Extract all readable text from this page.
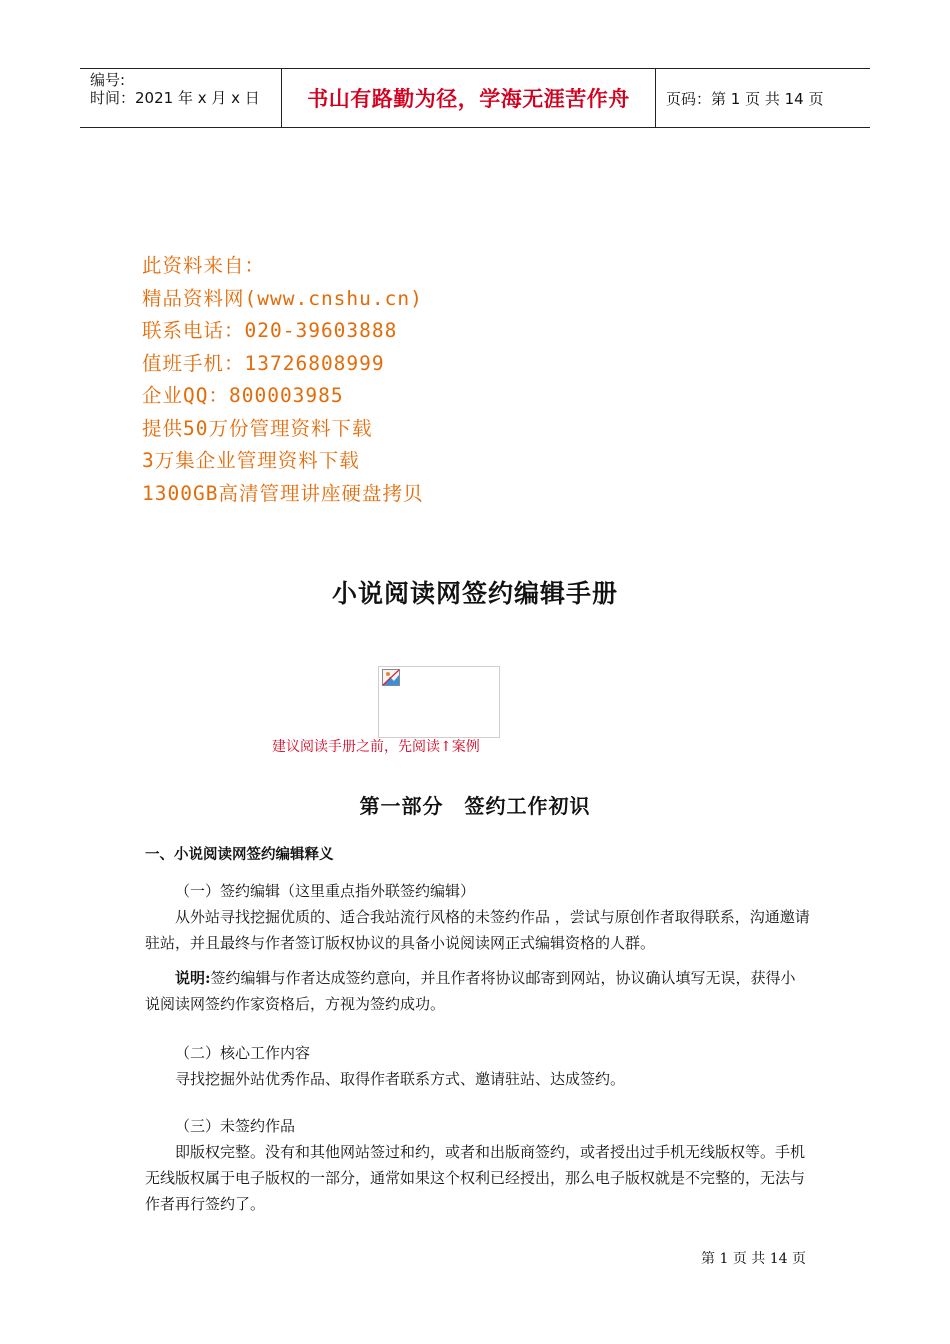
编号:
时间：2021 年 x 月 x 日	书山有路勤为径，学海无涯苦作舟	页码：第 1 页 共 14 页
此资料来自：
精品资料网(www.cnshu.cn)
联系电话：020-39603888
值班手机：13726808999
企业QQ：800003985
提供50万份管理资料下载
3万集企业管理资料下载
1300GB高清管理讲座硬盘拷贝
小说阅读网签约编辑手册
建议阅读手册之前，先阅读↑案例
第一部分　签约工作初识
一、小说阅读网签约编辑释义
（一）签约编辑（这里重点指外联签约编辑）
从外站寻找挖掘优质的、适合我站流行风格的未签约作品 ，尝试与原创作者取得联系，沟通邀请驻站，并且最终与作者签订版权协议的具备小说阅读网正式编辑资格的人群。
说明:签约编辑与作者达成签约意向，并且作者将协议邮寄到网站，协议确认填写无误，获得小说阅读网签约作家资格后，方视为签约成功。
（二）核心工作内容
寻找挖掘外站优秀作品、取得作者联系方式、邀请驻站、达成签约。
（三）未签约作品
即版权完整。没有和其他网站签过和约，或者和出版商签约，或者授出过手机无线版权等。手机无线版权属于电子版权的一部分，通常如果这个权利已经授出，那么电子版权就是不完整的，无法与作者再行签约了。
第 1 页 共 14 页
